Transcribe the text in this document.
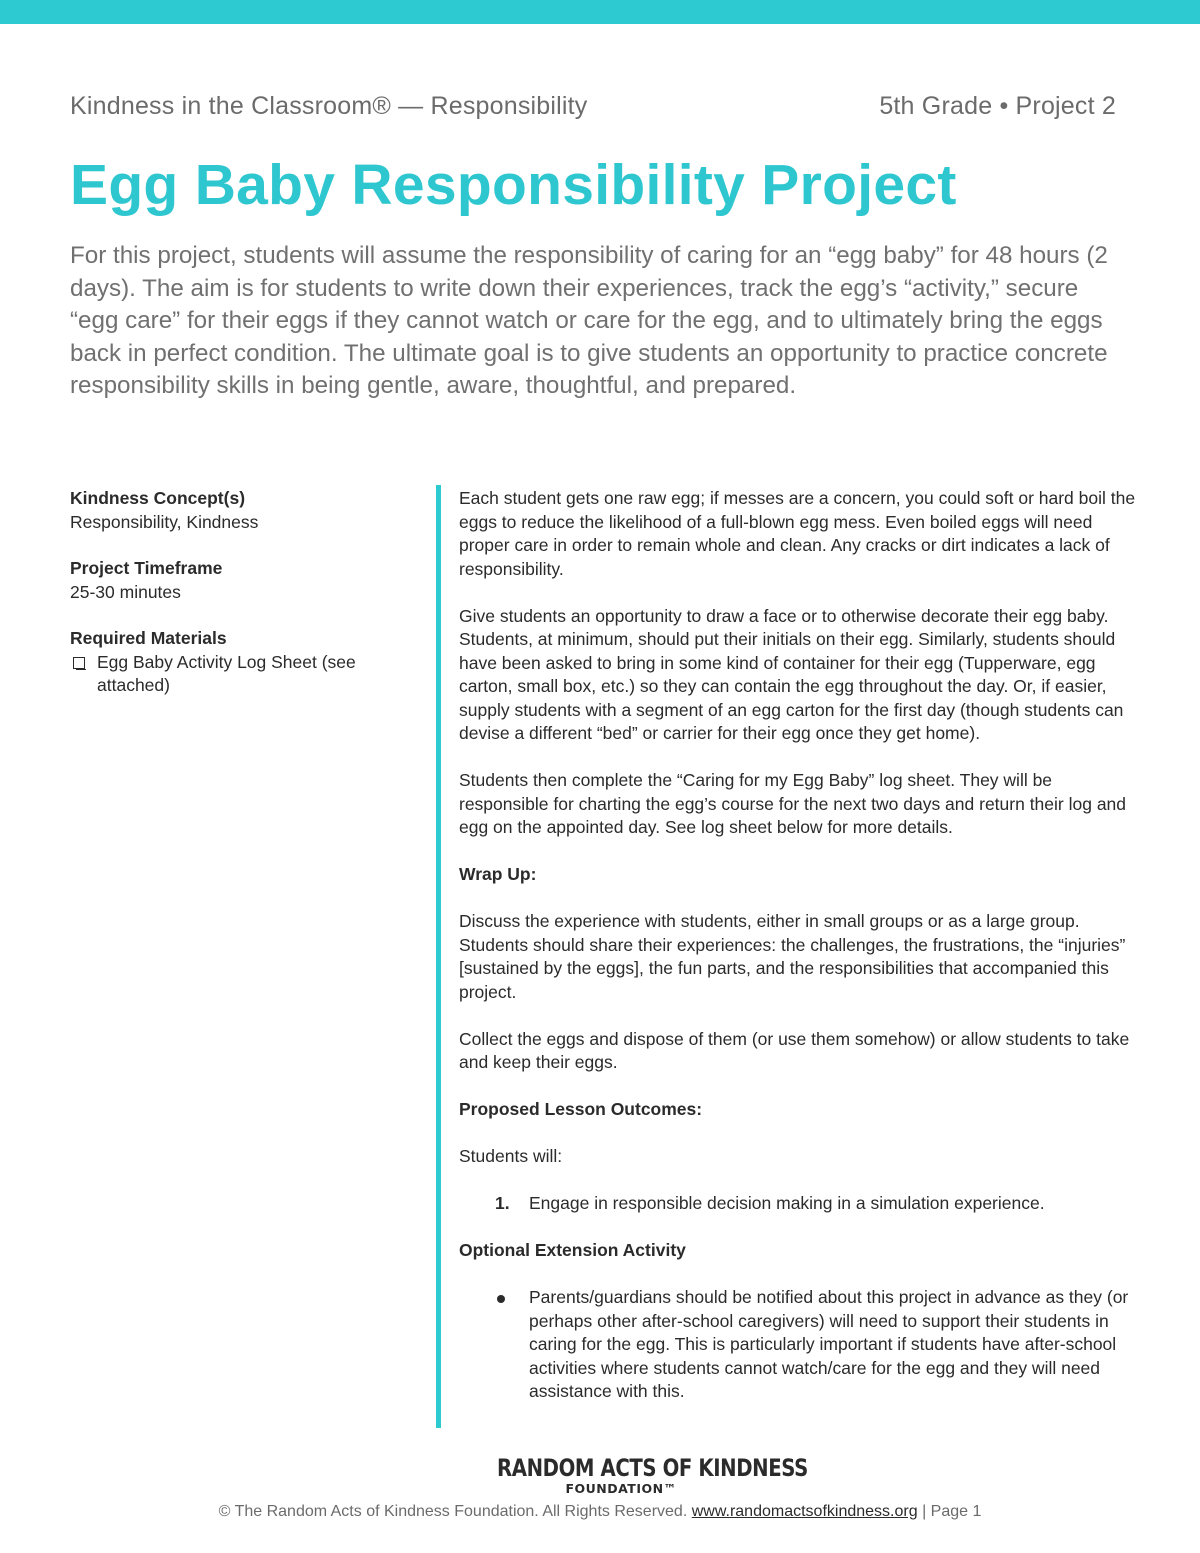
Kindness in the Classroom® — Responsibility	5th Grade • Project 2
Egg Baby Responsibility Project

For this project, students will assume the responsibility of caring for an “egg baby” for 48 hours (2 days). The aim is for students to write down their experiences, track the egg’s “activity,” secure “egg care” for their eggs if they cannot watch or care for the egg, and to ultimately bring the eggs back in perfect condition. The ultimate goal is to give students an opportunity to practice concrete responsibility skills in being gentle, aware, thoughtful, and prepared.

Kindness Concept(s)

Responsibility, Kindness

Project Timeframe

25-30 minutes

Required Materials

Egg Baby Activity Log Sheet (see attached)

Each student gets one raw egg; if messes are a concern, you could soft or hard boil the eggs to reduce the likelihood of a full-blown egg mess. Even boiled eggs will need proper care in order to remain whole and clean. Any cracks or dirt indicates a lack of responsibility.

Give students an opportunity to draw a face or to otherwise decorate their egg baby. Students, at minimum, should put their initials on their egg. Similarly, students should have been asked to bring in some kind of container for their egg (Tupperware, egg carton, small box, etc.) so they can contain the egg throughout the day. Or, if easier, supply students with a segment of an egg carton for the first day (though students can devise a different “bed” or carrier for their egg once they get home).

Students then complete the “Caring for my Egg Baby” log sheet. They will be responsible for charting the egg’s course for the next two days and return their log and egg on the appointed day. See log sheet below for more details.

Wrap Up:

Discuss the experience with students, either in small groups or as a large group. Students should share their experiences: the challenges, the frustrations, the “injuries” [sustained by the eggs], the fun parts, and the responsibilities that accompanied this project.

Collect the eggs and dispose of them (or use them somehow) or allow students to take and keep their eggs.

Proposed Lesson Outcomes:

Students will:

1.	Engage in responsible decision making in a simulation experience.

Optional Extension Activity

Parents/guardians should be notified about this project in advance as they (or perhaps other after-school caregivers) will need to support their students in caring for the egg. This is particularly important if students have after-school activities where students cannot watch/care for the egg and they will need assistance with this.
RANDOM ACTS OF KINDNESS
FOUNDATION™
© The Random Acts of Kindness Foundation. All Rights Reserved. www.randomactsofkindness.org | Page 1
